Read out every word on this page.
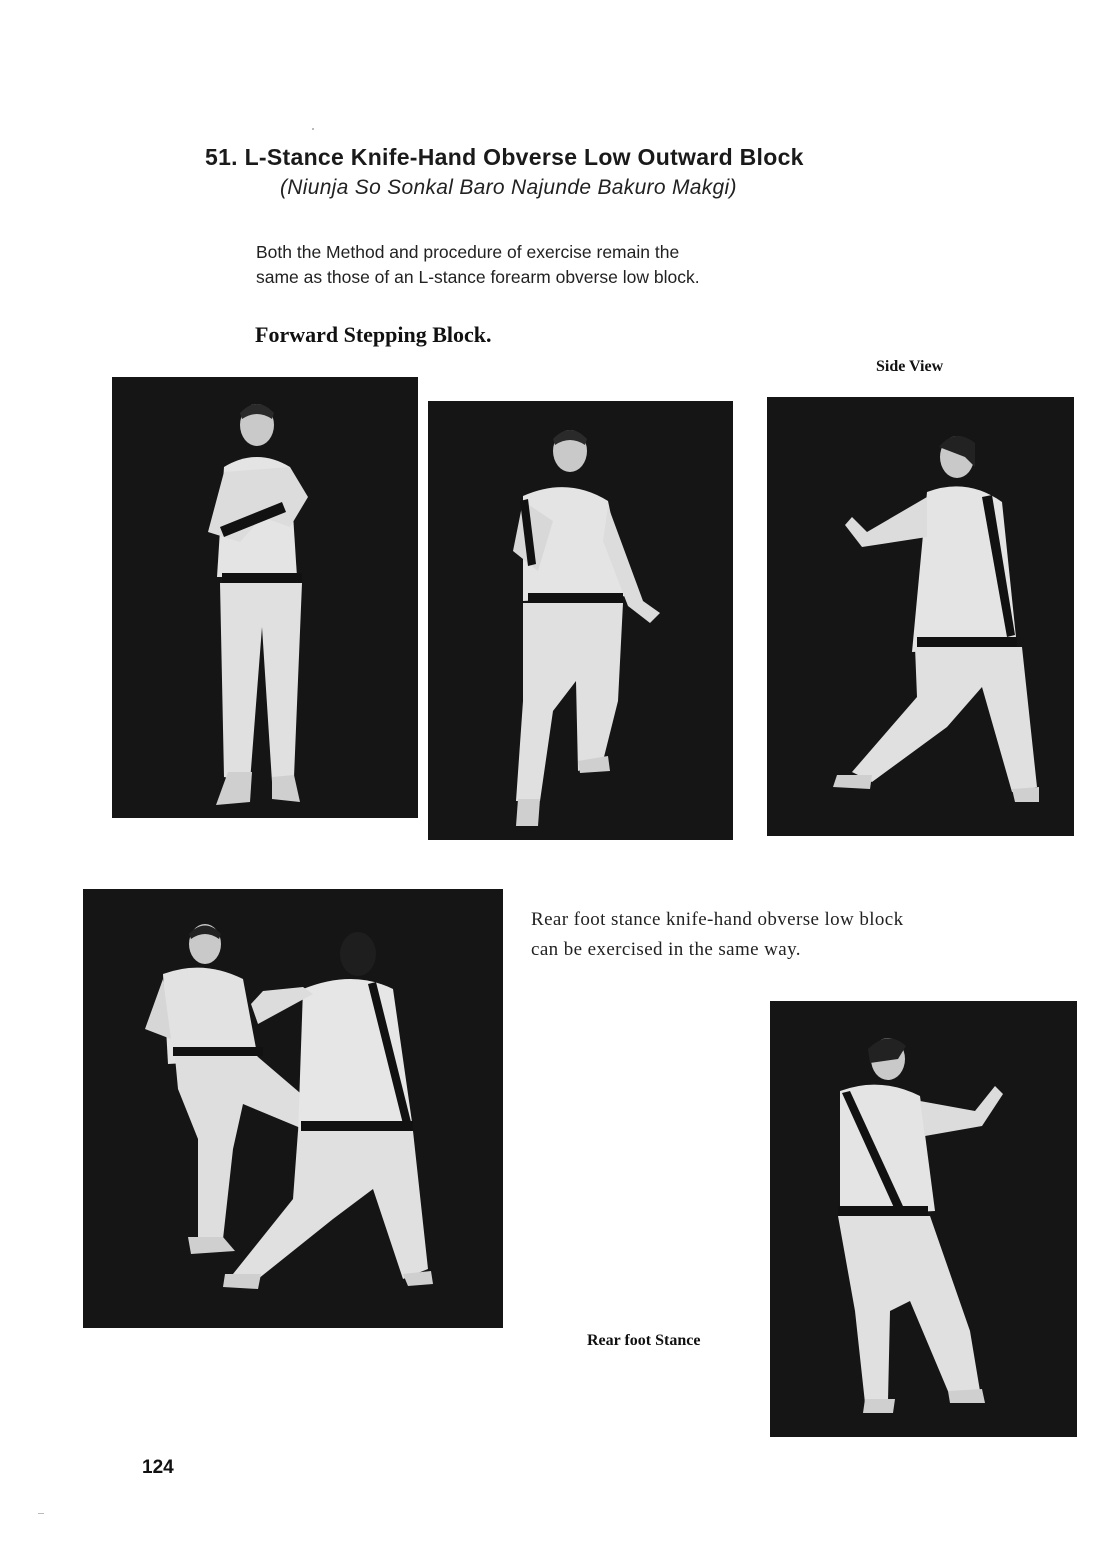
51. L-Stance Knife-Hand Obverse Low Outward Block
(Niunja So Sonkal Baro Najunde Bakuro Makgi)
Both the Method and procedure of exercise remain the
same as those of an L-stance forearm obverse low block.
Forward Stepping Block.
Side View
Rear foot stance knife-hand obverse low block
can be exercised in the same way.
Rear foot Stance
124
